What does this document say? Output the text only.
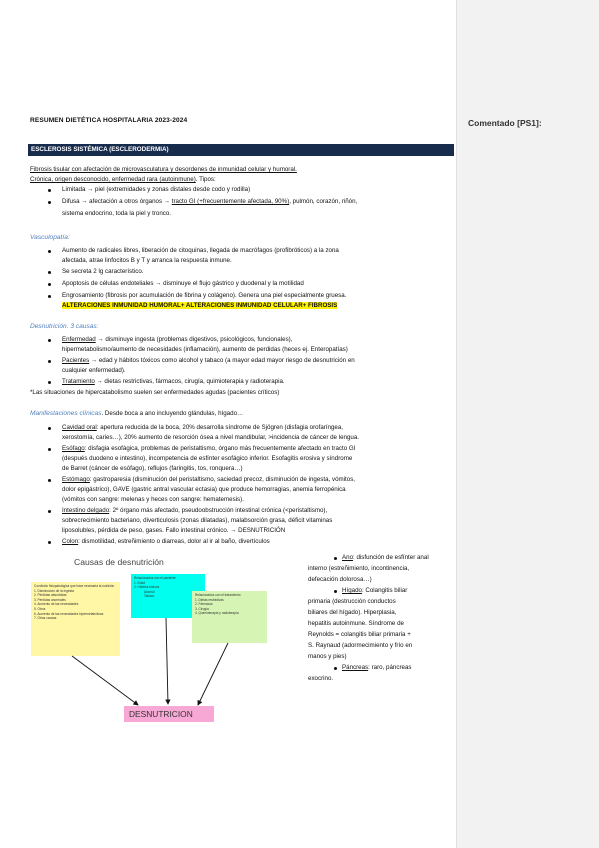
RESUMEN DIETÉTICA HOSPITALARIA 2023-2024
ESCLEROSIS SISTÉMICA (ESCLERODERMIA)
Fibrosis tisular con afectación de microvasculatura y desordenes de inmunidad celular y humoral.
Crónica, origen desconocido, enfermedad rara (autoinmune). Tipos:
Limitada → piel (extremidades y zonas distales desde codo y rodilla)
Difusa → afectación a otros órganos → tracto GI (+frecuentemente afectada, 90%), pulmón, corazón, riñón,
sistema endocrino, toda la piel y tronco.
Vasculopatía:
Aumento de radicales libres, liberación de citoquinas, llegada de macrófagos (profibróticos) a la zona
afectada, atrae linfocitos B y T y arranca la respuesta inmune.
Se secreta 2 lg característico.
Apoptosis de células endoteliales → disminuye el flujo gástrico y duodenal y la motilidad
Engrosamiento (fibrosis por acumulación de fibrina y colágeno). Genera una piel especialmente gruesa.
ALTERACIONES INMUNIDAD HUMORAL+ ALTERACIONES INMUNIDAD CELULAR+ FIBROSIS
Desnutrición. 3 causas:
Enfermedad → disminuye ingesta (problemas digestivos, psicológicos, funcionales),
hipermetabolismo/aumento de necesidades (inflamación), aumento de perdidas (heces ej. Enteropatías)
Pacientes → edad y hábitos tóxicos como alcohol y tabaco (a mayor edad mayor riesgo de desnutrición en
cualquier enfermedad).
Tratamiento → dietas restrictivas, fármacos, cirugía, quimioterapia y radioterapia.
*Las situaciones de hipercatabolismo suelen ser enfermedades agudas (pacientes críticos)
Manifestaciones clínicas. Desde boca a ano incluyendo glándulas, hígado…
Cavidad oral: apertura reducida de la boca, 20% desarrolla síndrome de Sjögren (disfagia orofaríngea,
xerostomía, caries…), 20% aumento de resorción ósea a nivel mandibular, >incidencia de cáncer de lengua.
Esófago: disfagia esofágica, problemas de peristaltismo, órgano más frecuentemente afectado en tracto GI
(después duodeno e intestino), incompetencia de esfínter esofágico inferior. Esofagitis erosiva y síndrome
de Barret (cáncer de esófago), reflujos (faringitis, tos, ronquera…)
Estómago: gastroparesia (disminución del peristaltismo, saciedad precoz, disminución de ingesta, vómitos,
dolor epigástrico), GAVE (gastric antral vascular ectasia) que produce hemorragias, anemia ferropénica
(vómitos con sangre: melenas y heces con sangre: hematemesis).
Intestino delgado: 2º órgano más afectado, pseudoobstrucción intestinal crónica (<peristaltismo),
sobrecrecimiento bacteriano, diverticulosis (zonas dilatadas), malabsorción grasa, déficit vitaminas
liposolubles, pérdida de peso, gases. Fallo intestinal crónico. → DESNUTRICIÓN
Colon: dismotilidad, estreñimiento o diarreas, dolor al ir al baño, divertículos
Ano: disfunción de esfínter anal
interno (estreñimiento, incontinencia,
defecación dolorosa…)
Hígado: Colangitis biliar
primaria (destrucción conductos
biliares del hígado). Hiperplasia,
hepatitis autoinmune. Síndrome de
Reynolds = colangitis biliar primaria +
S. Raynaud (adormecimiento y frío en
manos y pies)
Páncreas: raro, páncreas
exocrino.
Causas de desnutrición
Condición fisiopatológica que hace necesaria la nutrición
1. Disminución de la ingesta
2. Pérdidas absorbidas
3. Pérdidas anormales
4. Aumento de las necesidades
5. Otros
6. Aumento de las necesidades hipermetabólicas
7. Otras causas
Relacionados con el paciente
1. Edad
2. Hábitos tóxicos
Alcohol
Tabaco	Relacionados con el tratamiento
1. Dietas restrictivas
2. Fármacos
3. Cirugía
4. Quimioterapia y radioterapia
DESNUTRICION
Comentado [PS1]:
